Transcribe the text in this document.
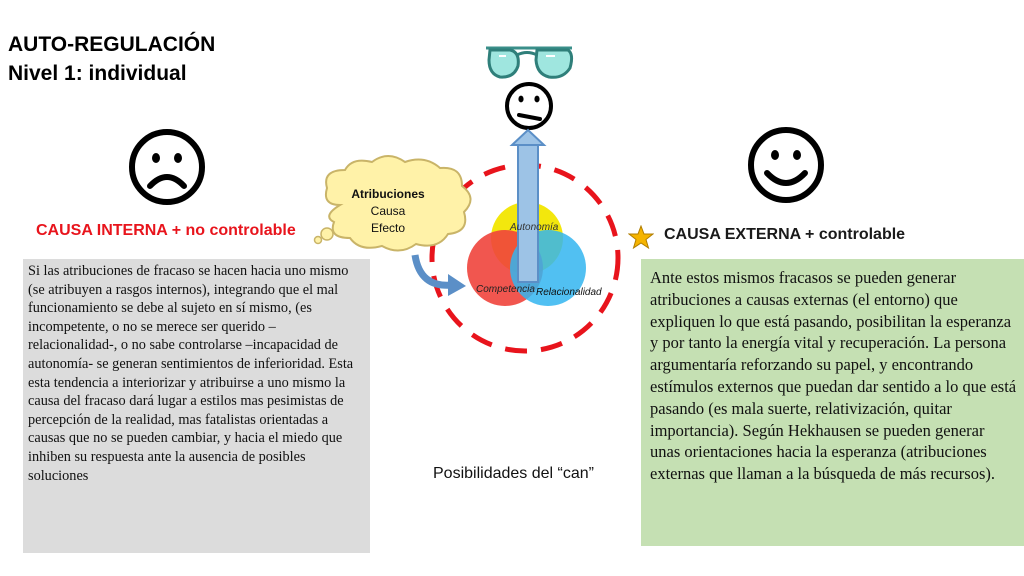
AUTO-REGULACIÓN
Nivel 1: individual
CAUSA INTERNA + no controlable	CAUSA EXTERNA + controlable
Si las atribuciones de fracaso se hacen hacia uno mismo (se atribuyen a rasgos internos), integrando que el mal funcionamiento se debe al sujeto en sí mismo, (es incompetente, o no se merece ser querido –relacionalidad-, o no sabe controlarse –incapacidad de autonomía- se generan sentimientos de inferioridad. Esta esta tendencia a interiorizar y atribuirse a uno mismo la causa del fracaso dará lugar a estilos mas pesimistas de percepción de la realidad, mas fatalistas orientadas a causas que no se pueden cambiar, y hacia el miedo que inhiben su respuesta ante la ausencia de posibles soluciones
Ante estos mismos fracasos se pueden generar atribuciones a causas externas (el entorno) que expliquen lo que está pasando, posibilitan la esperanza y por tanto la energía vital y recuperación. La persona argumentaría reforzando su papel, y encontrando estímulos externos que puedan dar sentido a lo que está pasando (es mala suerte, relativización, quitar importancia). Según Hekhausen se pueden generar unas orientaciones hacia la esperanza (atribuciones externas que llaman a la búsqueda de más recursos).
Autonomía
Competencia Relacionalidad
Atribuciones
Causa
Efecto
Posibilidades del “can”
